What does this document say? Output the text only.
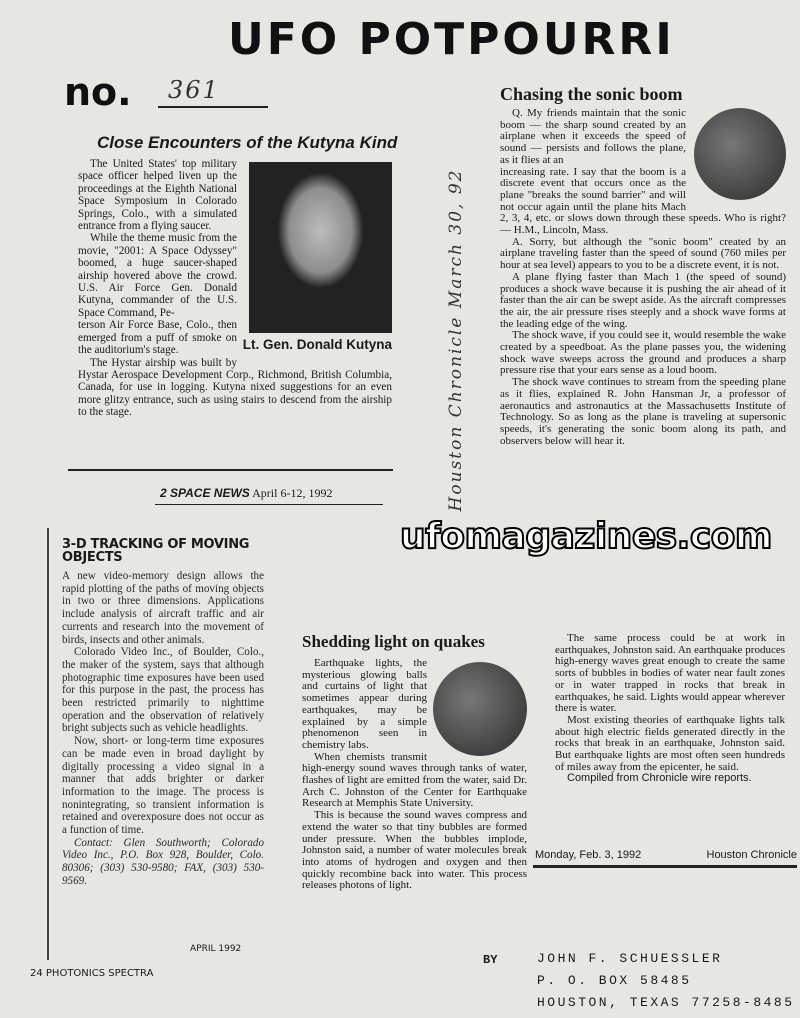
UFO POTPOURRI
no. 361
Close Encounters of the Kutyna Kind
Lt. Gen. Donald Kutyna

The United States' top military space officer helped liven up the proceedings at the Eighth National Space Symposium in Colorado Springs, Colo., with a simulated entrance from a flying saucer.

While the theme music from the movie, "2001: A Space Odyssey" boomed, a huge saucer-shaped airship hovered above the crowd. U.S. Air Force Gen. Donald Kutyna, commander of the U.S. Space Command, Pe-

terson Air Force Base, Colo., then emerged from a puff of smoke on the auditorium's stage.

The Hystar airship was built by Hystar Aerospace Development Corp., Richmond, British Columbia, Canada, for use in logging. Kutyna nixed suggestions for an even more glitzy entrance, such as using stairs to descend from the airship to the stage.

2 SPACE NEWS April 6-12, 1992
3-D TRACKING OF MOVING OBJECTS

A new video-memory design allows the rapid plotting of the paths of moving objects in two or three dimensions. Applications include analysis of aircraft traffic and air currents and research into the movement of birds, insects and other animals.

Colorado Video Inc., of Boulder, Colo., the maker of the system, says that although photographic time exposures have been used for this purpose in the past, the process has been restricted primarily to nighttime operation and the observation of relatively bright subjects such as vehicle headlights.

Now, short- or long-term time exposures can be made even in broad daylight by digitally processing a video signal in a manner that adds brighter or darker information to the image. The process is nonintegrating, so transient information is retained and overexposure does not occur as a function of time.

Contact: Glen Southworth; Colorado Video Inc., P.O. Box 928, Boulder, Colo. 80306; (303) 530-9580; FAX, (303) 530-9569.

APRIL 1992
24 PHOTONICS SPECTRA
Chasing the sonic boom

Q. My friends maintain that the sonic boom — the sharp sound created by an airplane when it exceeds the speed of sound — persists and follows the plane, as it flies at an

increasing rate. I say that the boom is a discrete event that occurs once as the plane "breaks the sound barrier" and will not occur again until the plane hits Mach 2, 3, 4, etc. or slows down through these speeds. Who is right? — H.M., Lincoln, Mass.

A. Sorry, but although the "sonic boom" created by an airplane traveling faster than the speed of sound (760 miles per hour at sea level) appears to you to be a discrete event, it is not.

A plane flying faster than Mach 1 (the speed of sound) produces a shock wave because it is pushing the air ahead of it faster than the air can be swept aside. As the aircraft compresses the air, the air pressure rises steeply and a shock wave forms at the leading edge of the wing.

The shock wave, if you could see it, would resemble the wake created by a speedboat. As the plane passes you, the widening shock wave sweeps across the ground and produces a sharp pressure rise that your ears sense as a loud boom.

The shock wave continues to stream from the speeding plane as it flies, explained R. John Hansman Jr, a professor of aeronautics and astronautics at the Massachusetts Institute of Technology. So as long as the plane is traveling at supersonic speeds, it's generating the sonic boom along its path, and observers below will hear it.

ufomagazines.com
Houston Chronicle March 30, 92
Shedding light on quakes

Earthquake lights, the mysterious glowing balls and curtains of light that sometimes appear during earthquakes, may be explained by a simple phenomenon seen in chemistry labs.

When chemists transmit high-energy sound waves through tanks of water, flashes of light are emitted from the water, said Dr. Arch C. Johnston of the Center for Earthquake Research at Memphis State University.

This is because the sound waves compress and extend the water so that tiny bubbles are formed under pressure. When the bubbles implode, Johnston said, a number of water molecules break into atoms of hydrogen and oxygen and then quickly recombine back into water. This process releases photons of light.

The same process could be at work in earthquakes, Johnston said. An earthquake produces high-energy waves great enough to create the same sorts of bubbles in bodies of water near fault zones or in water trapped in rocks that break in earthquakes, he said. Lights would appear wherever there is water.

Most existing theories of earthquake lights talk about high electric fields generated directly in the rocks that break in an earthquake, Johnston said. But earthquake lights are most often seen hundreds of miles away from the epicenter, he said.

Compiled from Chronicle wire reports.

Monday, Feb. 3, 1992	Houston Chronicle
BY	JOHN F. SCHUESSLER
P. O. BOX 58485
HOUSTON, TEXAS 77258-8485
